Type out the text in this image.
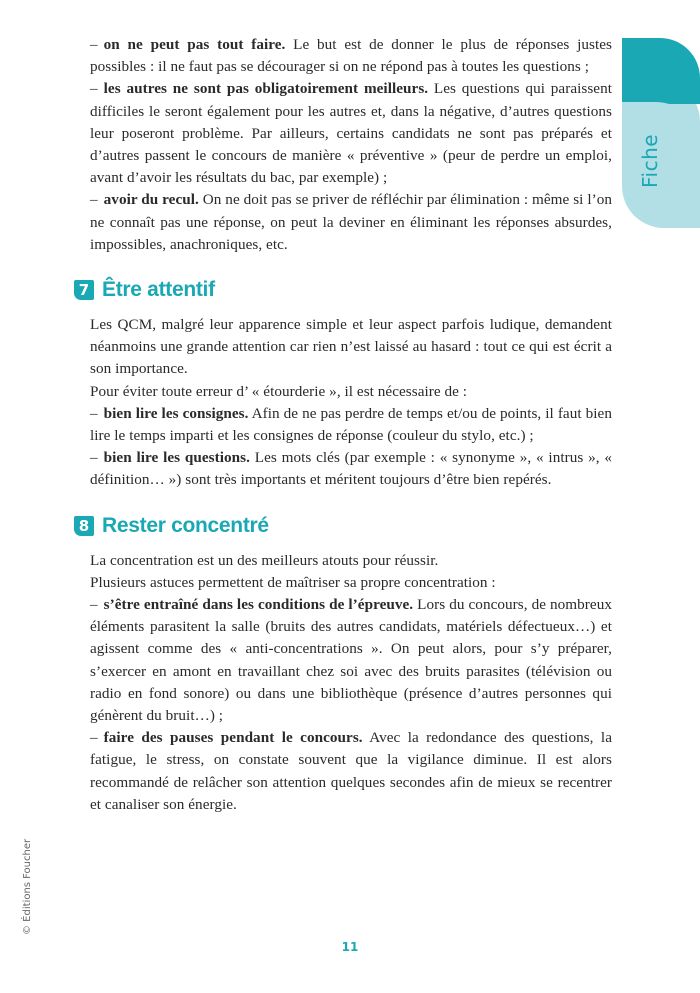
Fiche

– on ne peut pas tout faire. Le but est de donner le plus de réponses justes possibles : il ne faut pas se décourager si on ne répond pas à toutes les questions ;

– les autres ne sont pas obligatoirement meilleurs. Les questions qui paraissent difficiles le seront également pour les autres et, dans la négative, d’autres questions leur poseront problème. Par ailleurs, certains candidats ne sont pas préparés et d’autres passent le concours de manière « préventive » (peur de perdre un emploi, avant d’avoir les résultats du bac, par exemple) ;

– avoir du recul. On ne doit pas se priver de réfléchir par élimination : même si l’on ne connaît pas une réponse, on peut la deviner en éliminant les réponses absurdes, impossibles, anachroniques, etc.

7 Être attentif

Les QCM, malgré leur apparence simple et leur aspect parfois ludique, demandent néanmoins une grande attention car rien n’est laissé au hasard : tout ce qui est écrit a son importance.

Pour éviter toute erreur d’ « étourderie », il est nécessaire de :

– bien lire les consignes. Afin de ne pas perdre de temps et/ou de points, il faut bien lire le temps imparti et les consignes de réponse (couleur du stylo, etc.) ;

– bien lire les questions. Les mots clés (par exemple : « synonyme », « intrus », « définition… ») sont très importants et méritent toujours d’être bien repérés.

8 Rester concentré

La concentration est un des meilleurs atouts pour réussir.

Plusieurs astuces permettent de maîtriser sa propre concentration :

– s’être entraîné dans les conditions de l’épreuve. Lors du concours, de nombreux éléments parasitent la salle (bruits des autres candidats, matériels défectueux…) et agissent comme des « anti-concentrations ». On peut alors, pour s’y préparer, s’exercer en amont en travaillant chez soi avec des bruits parasites (télévision ou radio en fond sonore) ou dans une bibliothèque (présence d’autres personnes qui génèrent du bruit…) ;

– faire des pauses pendant le concours. Avec la redondance des questions, la fatigue, le stress, on constate souvent que la vigilance diminue. Il est alors recommandé de relâcher son attention quelques secondes afin de mieux se recentrer et canaliser son énergie.

© Éditions Foucher
11
